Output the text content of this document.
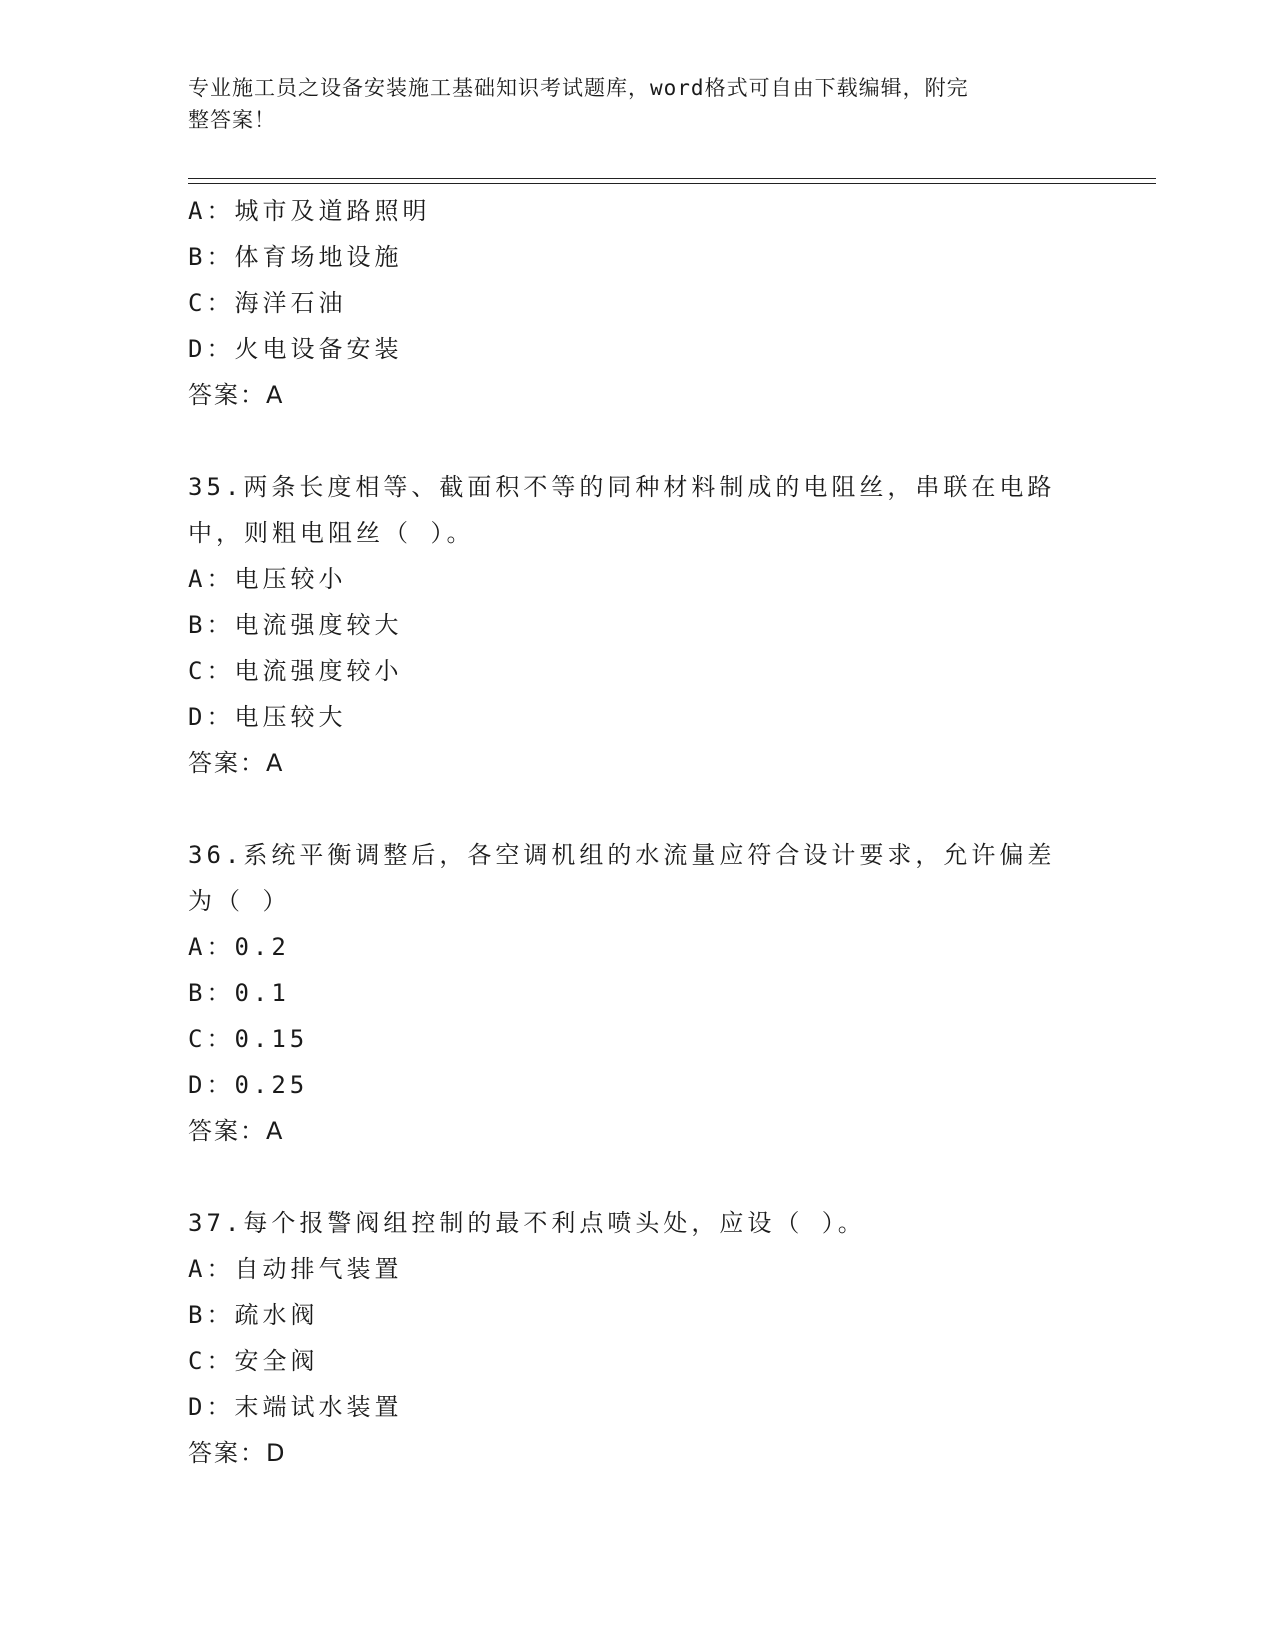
专业施工员之设备安装施工基础知识考试题库，word格式可自由下载编辑，附完
整答案！
A：城市及道路照明
B：体育场地设施
C：海洋石油
D：火电设备安装
答案：A
35.两条长度相等、截面积不等的同种材料制成的电阻丝，串联在电路
中，则粗电阻丝（ ）。
A：电压较小
B：电流强度较大
C：电流强度较小
D：电压较大
答案：A
36.系统平衡调整后，各空调机组的水流量应符合设计要求，允许偏差
为（ ）
A：0.2
B：0.1
C：0.15
D：0.25
答案：A
37.每个报警阀组控制的最不利点喷头处，应设（ ）。
A：自动排气装置
B：疏水阀
C：安全阀
D：末端试水装置
答案：D
